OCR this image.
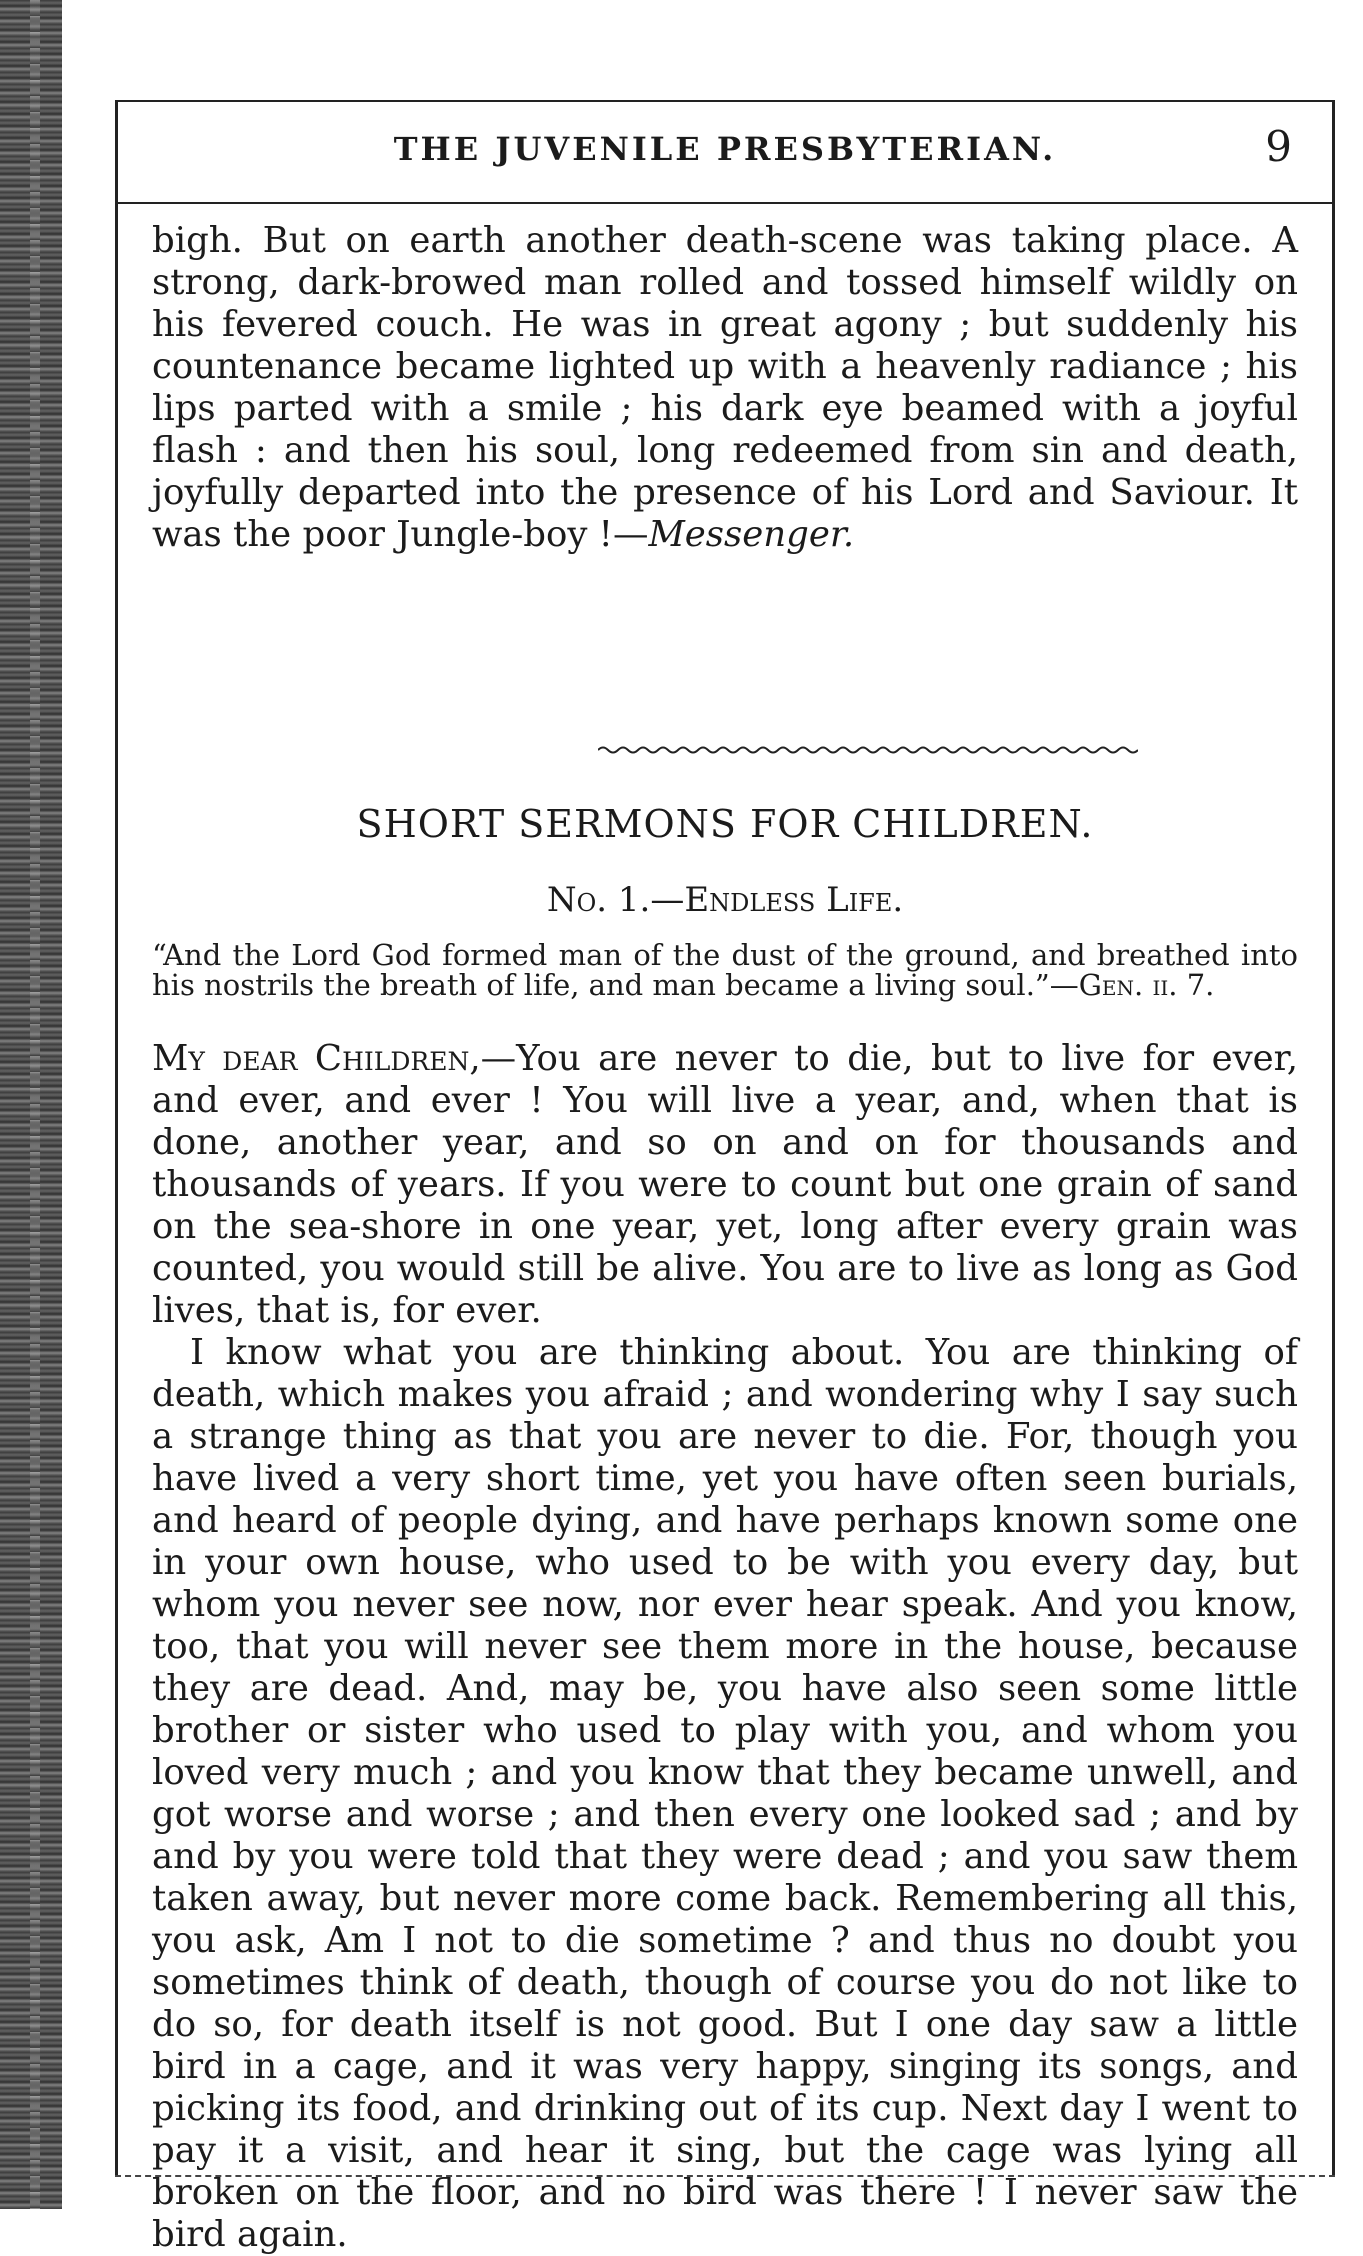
THE JUVENILE PRESBYTERIAN.	9

bigh. But on earth another death-scene was taking place. A strong, dark-browed man rolled and tossed himself wildly on his fevered couch. He was in great agony ; but suddenly his countenance became lighted up with a heavenly radiance ; his lips parted with a smile ; his dark eye beamed with a joyful flash : and then his soul, long redeemed from sin and death, joyfully departed into the presence of his Lord and Saviour. It was the poor Jungle-boy !—Messenger.

SHORT SERMONS FOR CHILDREN.
No. 1.—Endless Life.
“And the Lord God formed man of the dust of the ground, and breathed into his nostrils the breath of life, and man became a living soul.”—Gen. ii. 7.

My dear Children,—You are never to die, but to live for ever, and ever, and ever ! You will live a year, and, when that is done, another year, and so on and on for thousands and thousands of years. If you were to count but one grain of sand on the sea-shore in one year, yet, long after every grain was counted, you would still be alive. You are to live as long as God lives, that is, for ever.

I know what you are thinking about. You are thinking of death, which makes you afraid ; and wondering why I say such a strange thing as that you are never to die. For, though you have lived a very short time, yet you have often seen burials, and heard of people dying, and have perhaps known some one in your own house, who used to be with you every day, but whom you never see now, nor ever hear speak. And you know, too, that you will never see them more in the house, because they are dead. And, may be, you have also seen some little brother or sister who used to play with you, and whom you loved very much ; and you know that they became unwell, and got worse and worse ; and then every one looked sad ; and by and by you were told that they were dead ; and you saw them taken away, but never more come back. Remembering all this, you ask, Am I not to die sometime ? and thus no doubt you sometimes think of death, though of course you do not like to do so, for death itself is not good. But I one day saw a little bird in a cage, and it was very happy, singing its songs, and picking its food, and drinking out of its cup. Next day I went to pay it a visit, and hear it sing, but the cage was lying all broken on the floor, and no bird was there ! I never saw the bird again.
